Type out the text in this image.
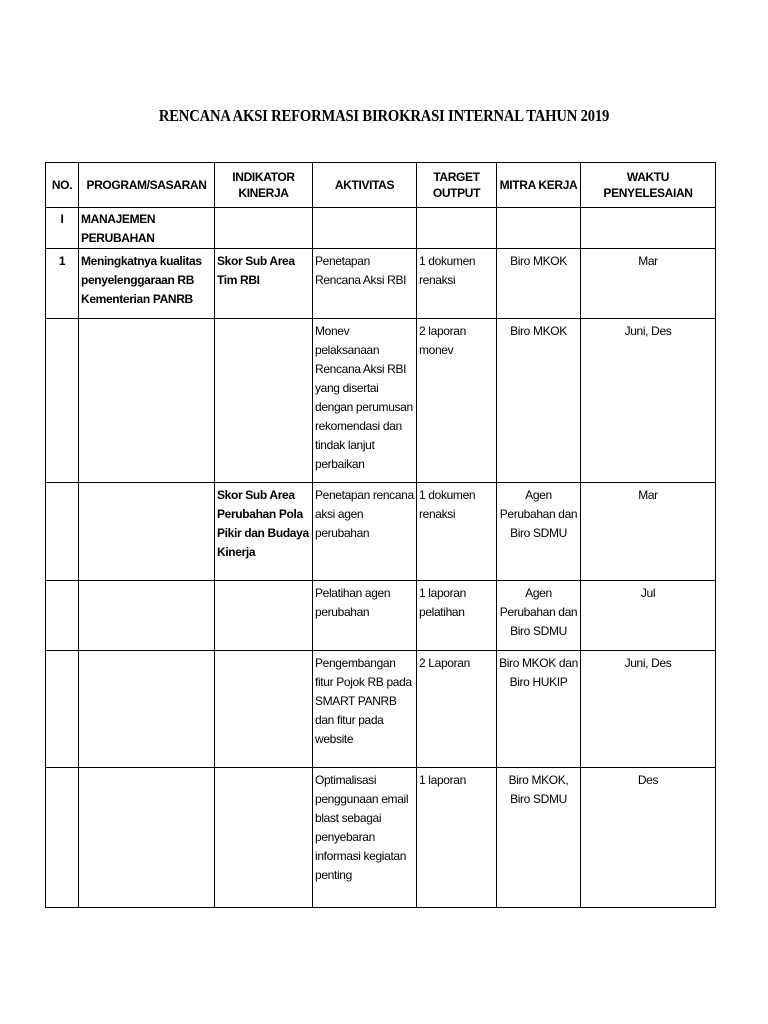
RENCANA AKSI REFORMASI BIROKRASI INTERNAL TAHUN 2019
NO.	PROGRAM/SASARAN	INDIKATOR KINERJA	AKTIVITAS	TARGET OUTPUT	MITRA KERJA	WAKTU PENYELESAIAN
I	MANAJEMEN PERUBAHAN					
1	Meningkatnya kualitas penyelenggaraan RB Kementerian PANRB	Skor Sub Area Tim RBI	Penetapan Rencana Aksi RBI	1 dokumen renaksi	Biro MKOK	Mar
			Monev pelaksanaan Rencana Aksi RBI yang disertai dengan perumusan rekomendasi dan tindak lanjut perbaikan	2 laporan monev	Biro MKOK	Juni, Des
		Skor Sub Area Perubahan Pola Pikir dan Budaya Kinerja	Penetapan rencana aksi agen perubahan	1 dokumen renaksi	Agen Perubahan dan Biro SDMU	Mar
			Pelatihan agen perubahan	1 laporan pelatihan	Agen Perubahan dan Biro SDMU	Jul
			Pengembangan fitur Pojok RB pada SMART PANRB dan fitur pada website	2 Laporan	Biro MKOK dan Biro HUKIP	Juni, Des
			Optimalisasi penggunaan email blast sebagai penyebaran informasi kegiatan penting	1 laporan	Biro MKOK, Biro SDMU	Des
